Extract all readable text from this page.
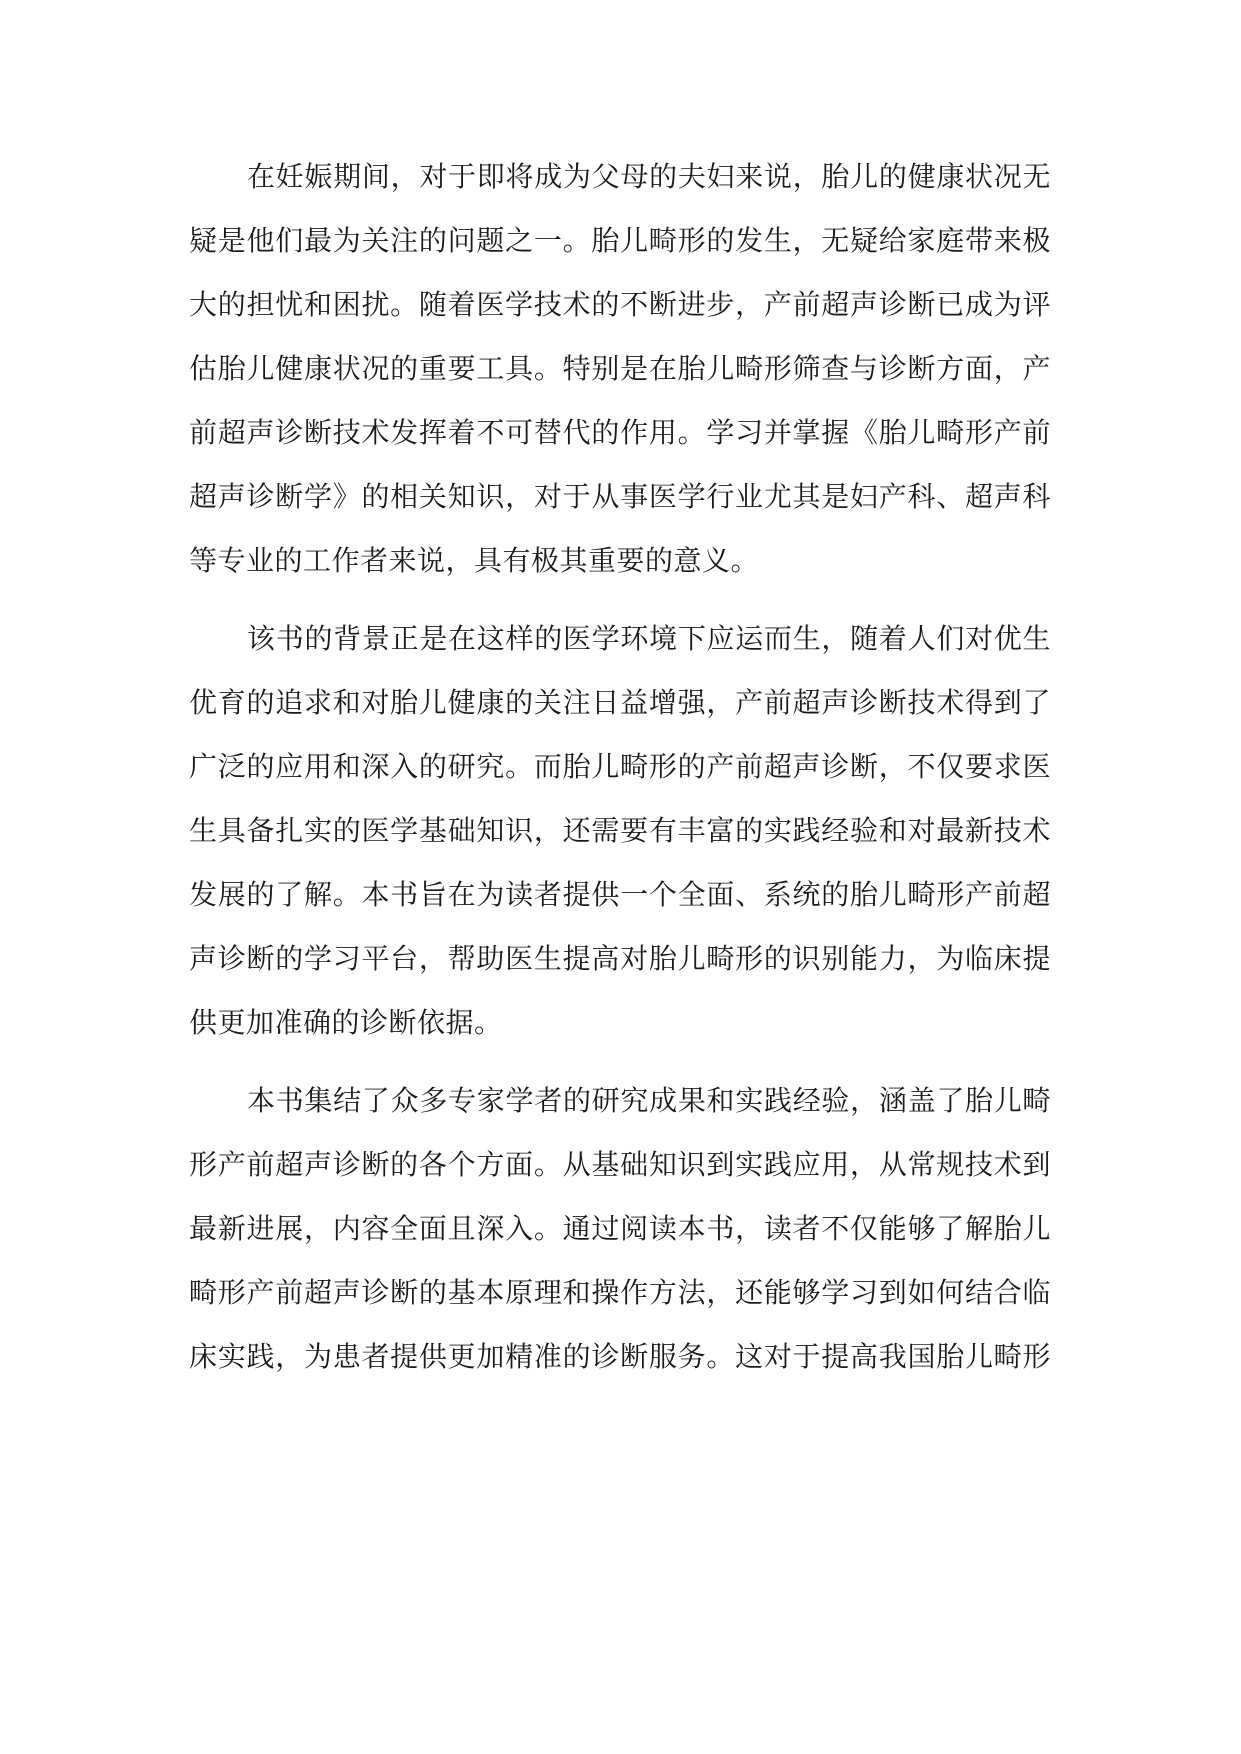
在妊娠期间，对于即将成为父母的夫妇来说，胎儿的健康状况无
疑是他们最为关注的问题之一。胎儿畸形的发生，无疑给家庭带来极
大的担忧和困扰。随着医学技术的不断进步，产前超声诊断已成为评
估胎儿健康状况的重要工具。特别是在胎儿畸形筛查与诊断方面，产
前超声诊断技术发挥着不可替代的作用。学习并掌握《胎儿畸形产前
超声诊断学》的相关知识，对于从事医学行业尤其是妇产科、超声科
等专业的工作者来说，具有极其重要的意义。
该书的背景正是在这样的医学环境下应运而生，随着人们对优生
优育的追求和对胎儿健康的关注日益增强，产前超声诊断技术得到了
广泛的应用和深入的研究。而胎儿畸形的产前超声诊断，不仅要求医
生具备扎实的医学基础知识，还需要有丰富的实践经验和对最新技术
发展的了解。本书旨在为读者提供一个全面、系统的胎儿畸形产前超
声诊断的学习平台，帮助医生提高对胎儿畸形的识别能力，为临床提
供更加准确的诊断依据。
本书集结了众多专家学者的研究成果和实践经验，涵盖了胎儿畸
形产前超声诊断的各个方面。从基础知识到实践应用，从常规技术到
最新进展，内容全面且深入。通过阅读本书，读者不仅能够了解胎儿
畸形产前超声诊断的基本原理和操作方法，还能够学习到如何结合临
床实践，为患者提供更加精准的诊断服务。这对于提高我国胎儿畸形
